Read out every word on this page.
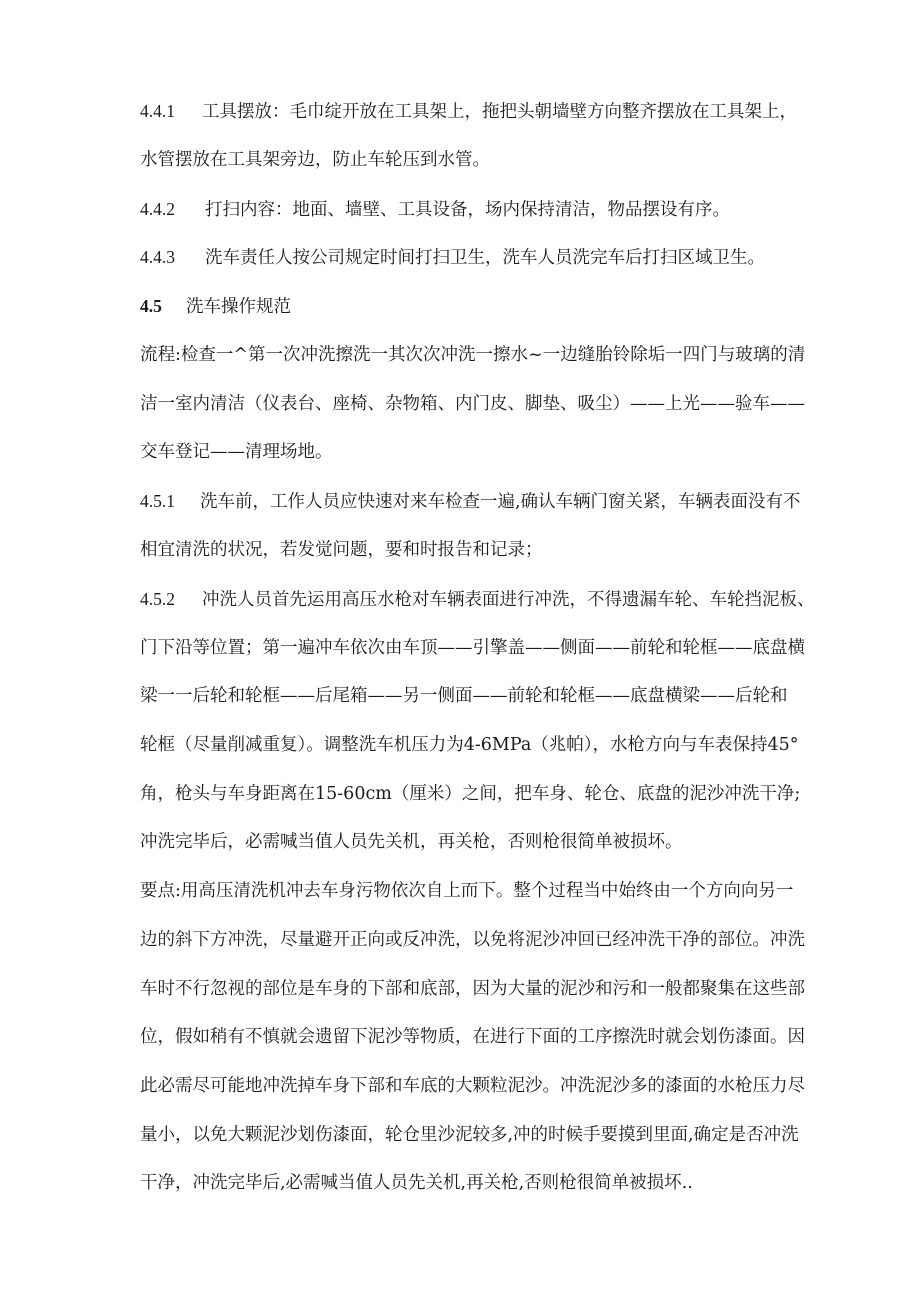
4.4.1 工具摆放：毛巾绽开放在工具架上，拖把头朝墙壁方向整齐摆放在工具架上，
水管摆放在工具架旁边，防止车轮压到水管。
4.4.2 打扫内容：地面、墙壁、工具设备，场内保持清洁，物品摆设有序。
4.4.3 洗车责任人按公司规定时间打扫卫生，洗车人员洗完车后打扫区域卫生。
4.5 洗车操作规范
流程:检查一^第一次冲洗擦洗一其次次冲洗一擦水~一边缝胎铃除垢一四门与玻璃的清
洁一室内清洁（仪表台、座椅、杂物箱、内门皮、脚垫、吸尘）——上光——验车——
交车登记——清理场地。
4.5.1 洗车前，工作人员应快速对来车检查一遍,确认车辆门窗关紧，车辆表面没有不
相宜清洗的状况，若发觉问题，要和时报告和记录；
4.5.2 冲洗人员首先运用高压水枪对车辆表面进行冲洗，不得遗漏车轮、车轮挡泥板、
门下沿等位置；第一遍冲车依次由车顶——引擎盖——侧面——前轮和轮框——底盘横
梁一一后轮和轮框——后尾箱——另一侧面——前轮和轮框——底盘横梁——后轮和
轮框（尽量削减重复）。调整洗车机压力为4-6MPa（兆帕），水枪方向与车表保持45°
角，枪头与车身距离在15-60cm（厘米）之间，把车身、轮仓、底盘的泥沙冲洗干净;
冲洗完毕后，必需喊当值人员先关机，再关枪，否则枪很简单被损坏。
要点:用高压清洗机冲去车身污物依次自上而下。整个过程当中始终由一个方向向另一
边的斜下方冲洗，尽量避开正向或反冲洗，以免将泥沙冲回已经冲洗干净的部位。冲洗
车时不行忽视的部位是车身的下部和底部，因为大量的泥沙和污和一般都聚集在这些部
位，假如稍有不慎就会遗留下泥沙等物质，在进行下面的工序擦洗时就会划伤漆面。因
此必需尽可能地冲洗掉车身下部和车底的大颗粒泥沙。冲洗泥沙多的漆面的水枪压力尽
量小，以免大颗泥沙划伤漆面，轮仓里沙泥较多,冲的时候手要摸到里面,确定是否冲洗
干净，冲洗完毕后,必需喊当值人员先关机,再关枪,否则枪很简单被损坏..
